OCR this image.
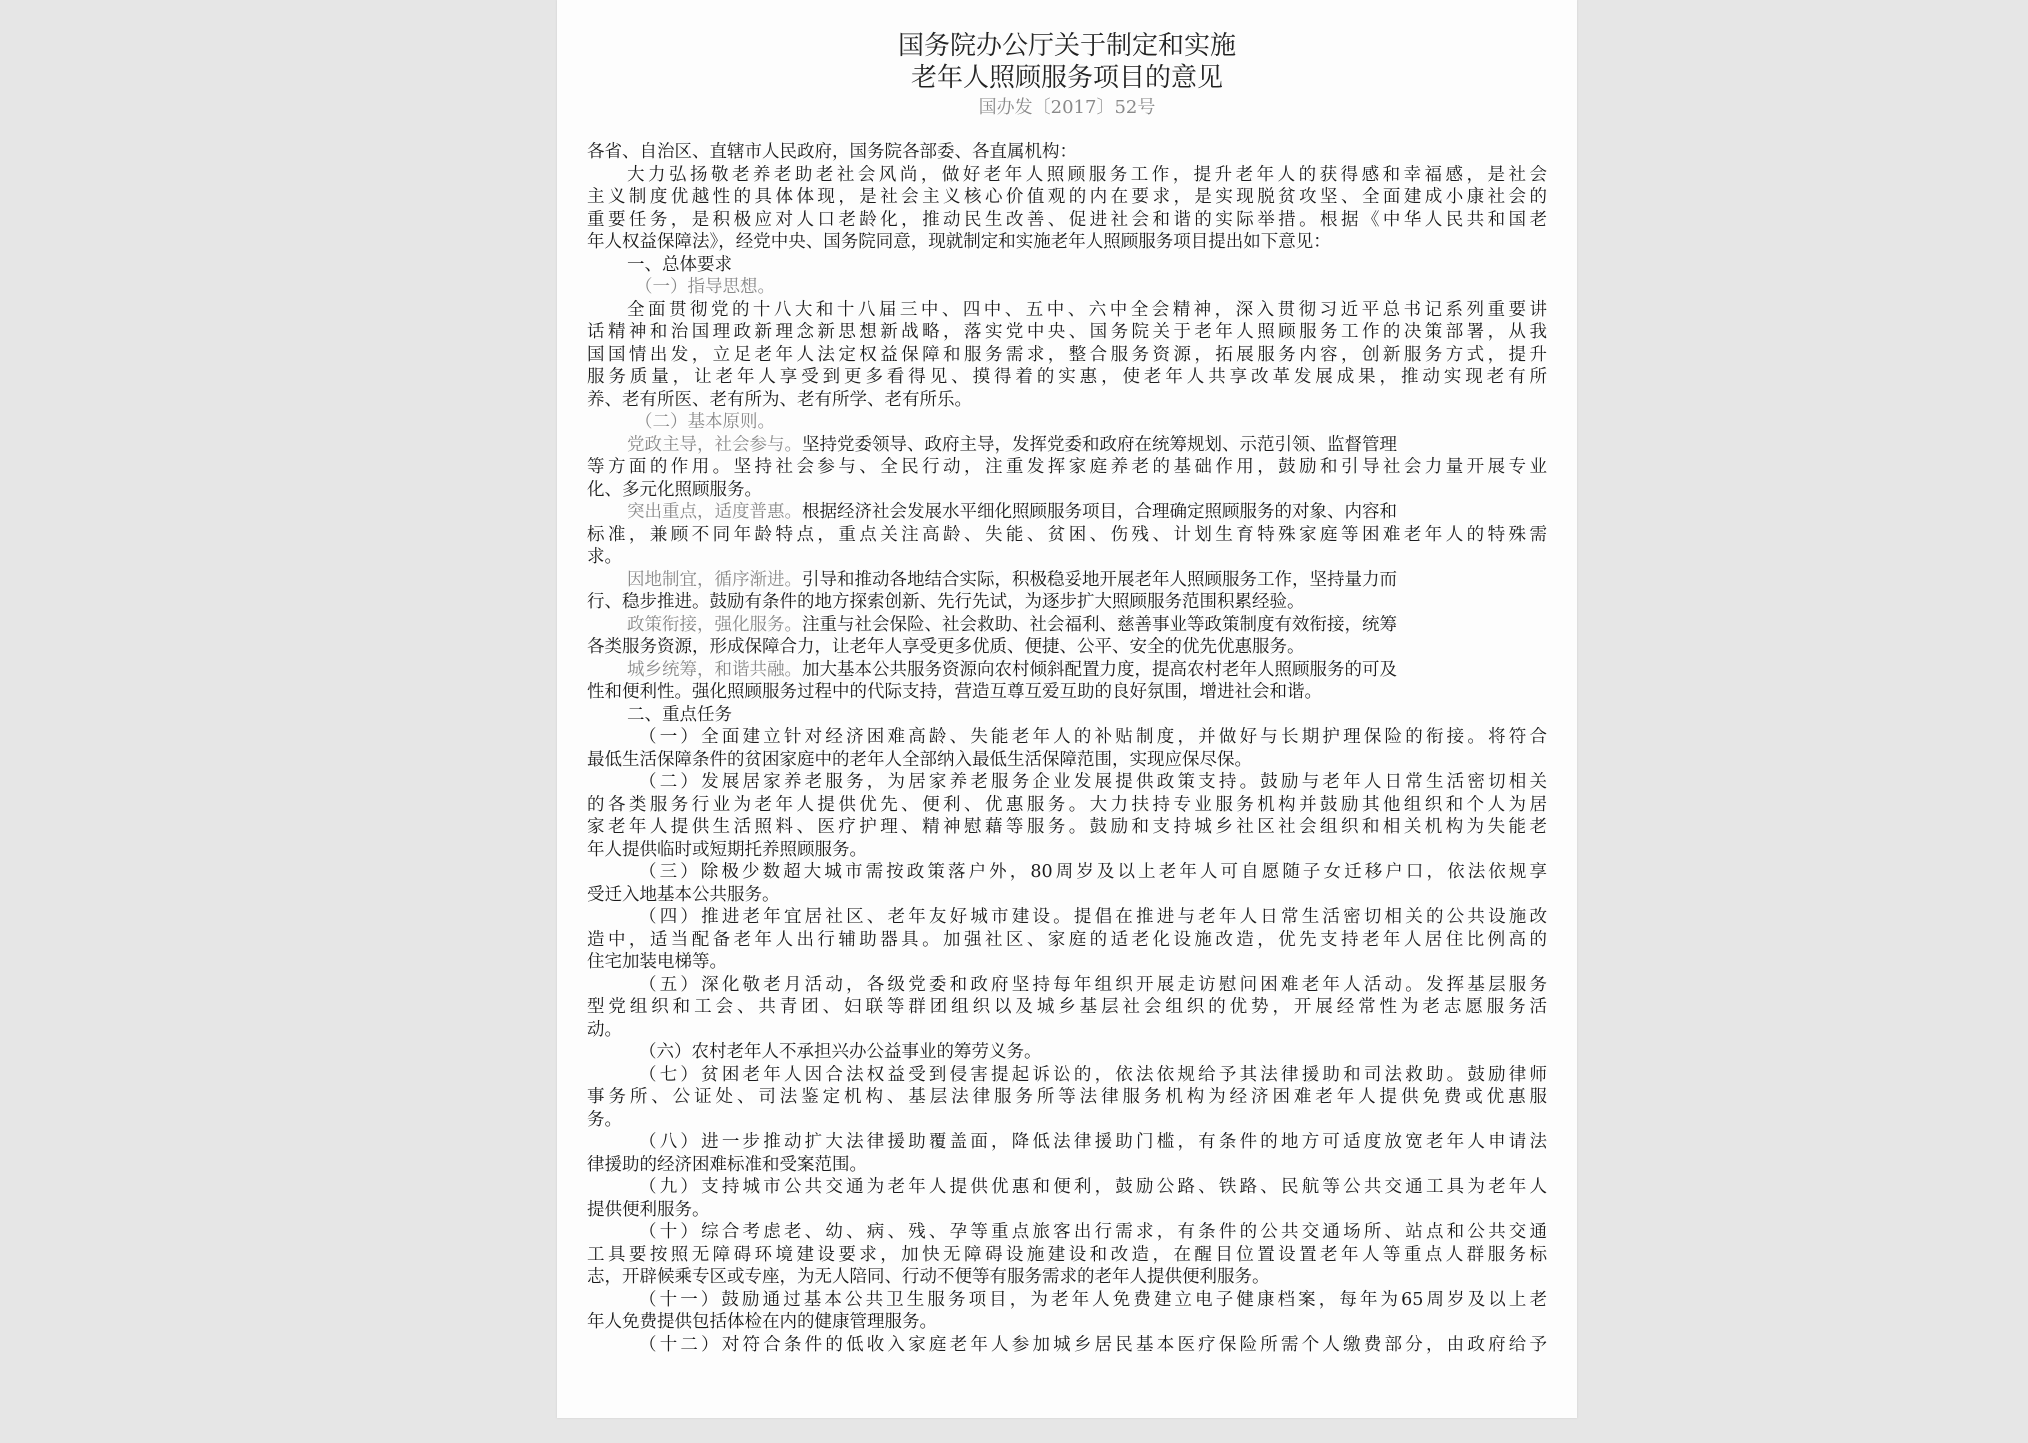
国务院办公厅关于制定和实施
老年人照顾服务项目的意见
国办发〔2017〕52号
各省、自治区、直辖市人民政府，国务院各部委、各直属机构：
大力弘扬敬老养老助老社会风尚，做好老年人照顾服务工作，提升老年人的获得感和幸福感，是社会
主义制度优越性的具体体现，是社会主义核心价值观的内在要求，是实现脱贫攻坚、全面建成小康社会的
重要任务，是积极应对人口老龄化，推动民生改善、促进社会和谐的实际举措。根据《中华人民共和国老
年人权益保障法》，经党中央、国务院同意，现就制定和实施老年人照顾服务项目提出如下意见：
一、总体要求
（一）指导思想。
全面贯彻党的十八大和十八届三中、四中、五中、六中全会精神，深入贯彻习近平总书记系列重要讲
话精神和治国理政新理念新思想新战略，落实党中央、国务院关于老年人照顾服务工作的决策部署，从我
国国情出发，立足老年人法定权益保障和服务需求，整合服务资源，拓展服务内容，创新服务方式，提升
服务质量，让老年人享受到更多看得见、摸得着的实惠，使老年人共享改革发展成果，推动实现老有所
养、老有所医、老有所为、老有所学、老有所乐。
（二）基本原则。
党政主导，社会参与。坚持党委领导、政府主导，发挥党委和政府在统筹规划、示范引领、监督管理
等方面的作用。坚持社会参与、全民行动，注重发挥家庭养老的基础作用，鼓励和引导社会力量开展专业
化、多元化照顾服务。
突出重点，适度普惠。根据经济社会发展水平细化照顾服务项目，合理确定照顾服务的对象、内容和
标准，兼顾不同年龄特点，重点关注高龄、失能、贫困、伤残、计划生育特殊家庭等困难老年人的特殊需
求。
因地制宜，循序渐进。引导和推动各地结合实际，积极稳妥地开展老年人照顾服务工作，坚持量力而
行、稳步推进。鼓励有条件的地方探索创新、先行先试，为逐步扩大照顾服务范围积累经验。
政策衔接，强化服务。注重与社会保险、社会救助、社会福利、慈善事业等政策制度有效衔接，统筹
各类服务资源，形成保障合力，让老年人享受更多优质、便捷、公平、安全的优先优惠服务。
城乡统筹，和谐共融。加大基本公共服务资源向农村倾斜配置力度，提高农村老年人照顾服务的可及
性和便利性。强化照顾服务过程中的代际支持，营造互尊互爱互助的良好氛围，增进社会和谐。
二、重点任务
（一）全面建立针对经济困难高龄、失能老年人的补贴制度，并做好与长期护理保险的衔接。将符合
最低生活保障条件的贫困家庭中的老年人全部纳入最低生活保障范围，实现应保尽保。
（二）发展居家养老服务，为居家养老服务企业发展提供政策支持。鼓励与老年人日常生活密切相关
的各类服务行业为老年人提供优先、便利、优惠服务。大力扶持专业服务机构并鼓励其他组织和个人为居
家老年人提供生活照料、医疗护理、精神慰藉等服务。鼓励和支持城乡社区社会组织和相关机构为失能老
年人提供临时或短期托养照顾服务。
（三）除极少数超大城市需按政策落户外，80周岁及以上老年人可自愿随子女迁移户口，依法依规享
受迁入地基本公共服务。
（四）推进老年宜居社区、老年友好城市建设。提倡在推进与老年人日常生活密切相关的公共设施改
造中，适当配备老年人出行辅助器具。加强社区、家庭的适老化设施改造，优先支持老年人居住比例高的
住宅加装电梯等。
（五）深化敬老月活动，各级党委和政府坚持每年组织开展走访慰问困难老年人活动。发挥基层服务
型党组织和工会、共青团、妇联等群团组织以及城乡基层社会组织的优势，开展经常性为老志愿服务活
动。
（六）农村老年人不承担兴办公益事业的筹劳义务。
（七）贫困老年人因合法权益受到侵害提起诉讼的，依法依规给予其法律援助和司法救助。鼓励律师
事务所、公证处、司法鉴定机构、基层法律服务所等法律服务机构为经济困难老年人提供免费或优惠服
务。
（八）进一步推动扩大法律援助覆盖面，降低法律援助门槛，有条件的地方可适度放宽老年人申请法
律援助的经济困难标准和受案范围。
（九）支持城市公共交通为老年人提供优惠和便利，鼓励公路、铁路、民航等公共交通工具为老年人
提供便利服务。
（十）综合考虑老、幼、病、残、孕等重点旅客出行需求，有条件的公共交通场所、站点和公共交通
工具要按照无障碍环境建设要求，加快无障碍设施建设和改造，在醒目位置设置老年人等重点人群服务标
志，开辟候乘专区或专座，为无人陪同、行动不便等有服务需求的老年人提供便利服务。
（十一）鼓励通过基本公共卫生服务项目，为老年人免费建立电子健康档案，每年为65周岁及以上老
年人免费提供包括体检在内的健康管理服务。
（十二）对符合条件的低收入家庭老年人参加城乡居民基本医疗保险所需个人缴费部分，由政府给予
